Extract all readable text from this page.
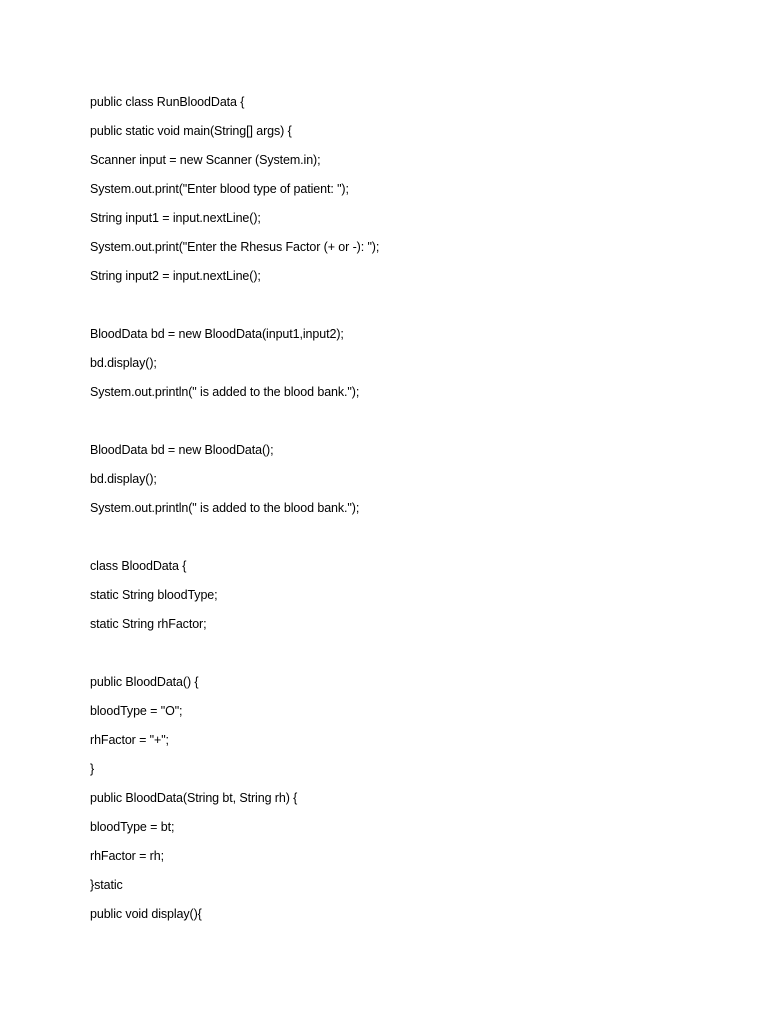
public class RunBloodData {
public static void main(String[] args) {
Scanner input = new Scanner (System.in);
System.out.print("Enter blood type of patient: ");
String input1 = input.nextLine();
System.out.print("Enter the Rhesus Factor (+ or -): ");
String input2 = input.nextLine();
BloodData bd = new BloodData(input1,input2);
bd.display();
System.out.println(" is added to the blood bank.");
BloodData bd = new BloodData();
bd.display();
System.out.println(" is added to the blood bank.");
class BloodData {
static String bloodType;
static String rhFactor;
public BloodData() {
bloodType = "O";
rhFactor = "+";
}
public BloodData(String bt, String rh) {
bloodType = bt;
rhFactor = rh;
}static
public void display(){
